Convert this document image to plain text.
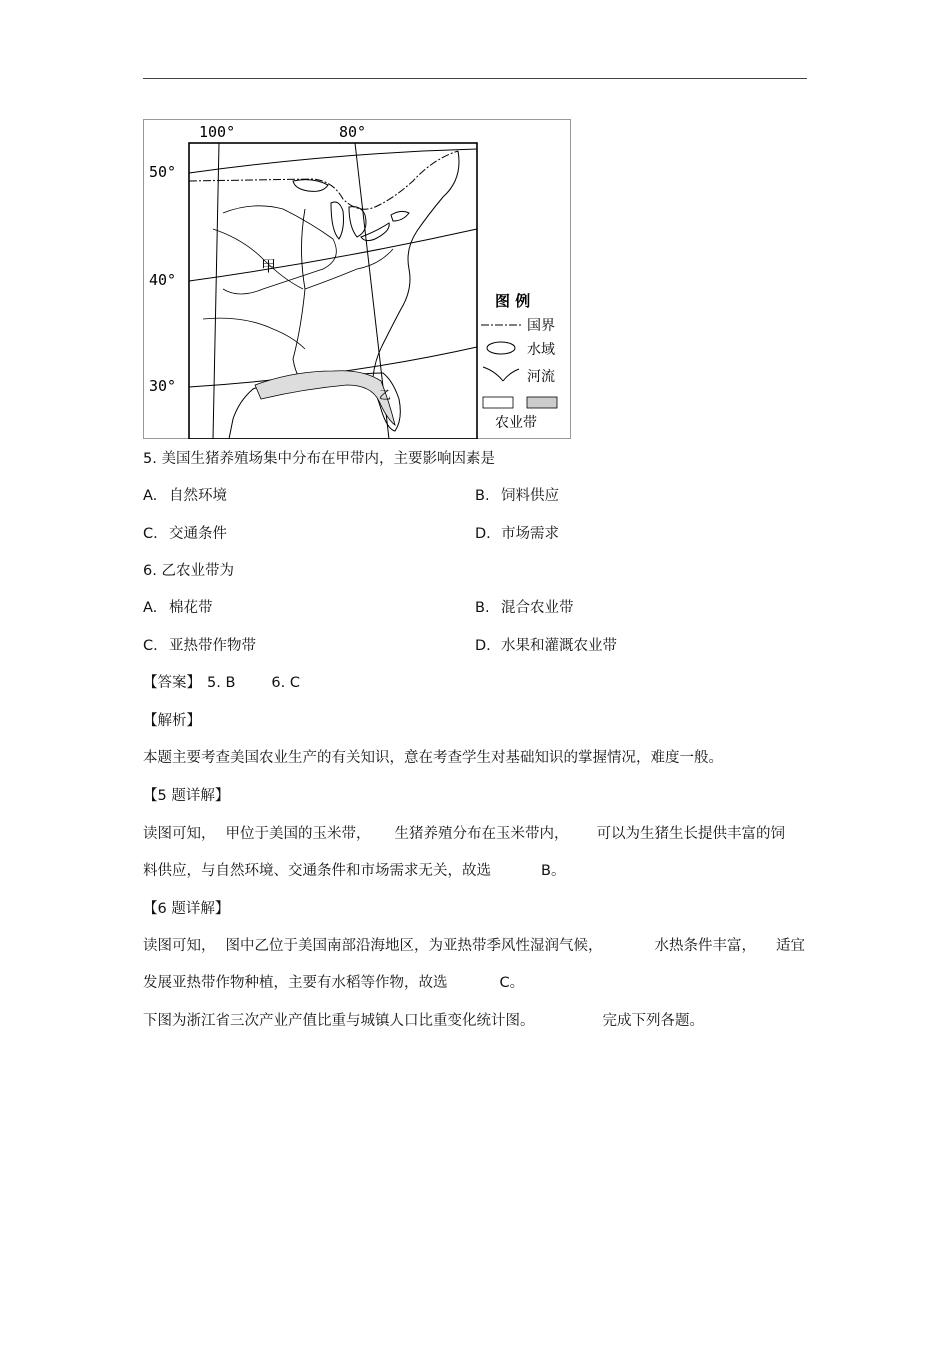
甲
乙
100°	80°
50°
40°
30°
图 例
国界
水域
河流
农业带
5. 美国生猪养殖场集中分布在甲带内，主要影响因素是
A. 自然环境	B. 饲料供应
C. 交通条件	D. 市场需求
6. 乙农业带为
A. 棉花带	B. 混合农业带
C. 亚热带作物带	D. 水果和灌溉农业带
【答案】 5. B 6. C
【解析】
本题主要考查美国农业生产的有关知识，意在考查学生对基础知识的掌握情况，难度一般。
【5 题详解】
读图可知， 甲位于美国的玉米带， 生猪养殖分布在玉米带内， 可以为生猪生长提供丰富的饲
料供应，与自然环境、交通条件和市场需求无关，故选	B。
【6 题详解】
读图可知， 图中乙位于美国南部沿海地区，为亚热带季风性湿润气候，	水热条件丰富， 适宜
发展亚热带作物种植，主要有水稻等作物，故选	C。
下图为浙江省三次产业产值比重与城镇人口比重变化统计图。	完成下列各题。
